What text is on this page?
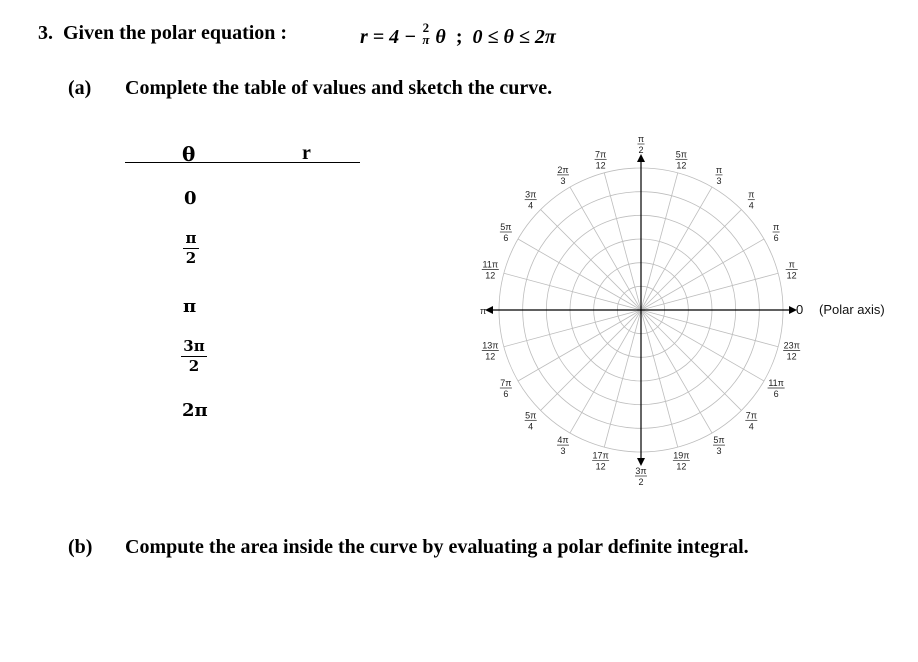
3. Given the polar equation :	r = 4 − 2
π θ ; 0 ≤ θ ≤ 2π
(a) Complete the table of values and sketch the curve.
θ	r
0
π
2
π
3π
2
2π
π
12
π
6
π
4
π
3
5π
12
π
2
7π
12
2π
3
3π
4
5π
6
11π
12
13π
12
7π
6
5π
4
4π
3	17π
12	3π
2
19π
12
5π
3
7π
4
11π
6
23π
12
0 (Polar axis)
π
(b) Compute the area inside the curve by evaluating a polar definite integral.
